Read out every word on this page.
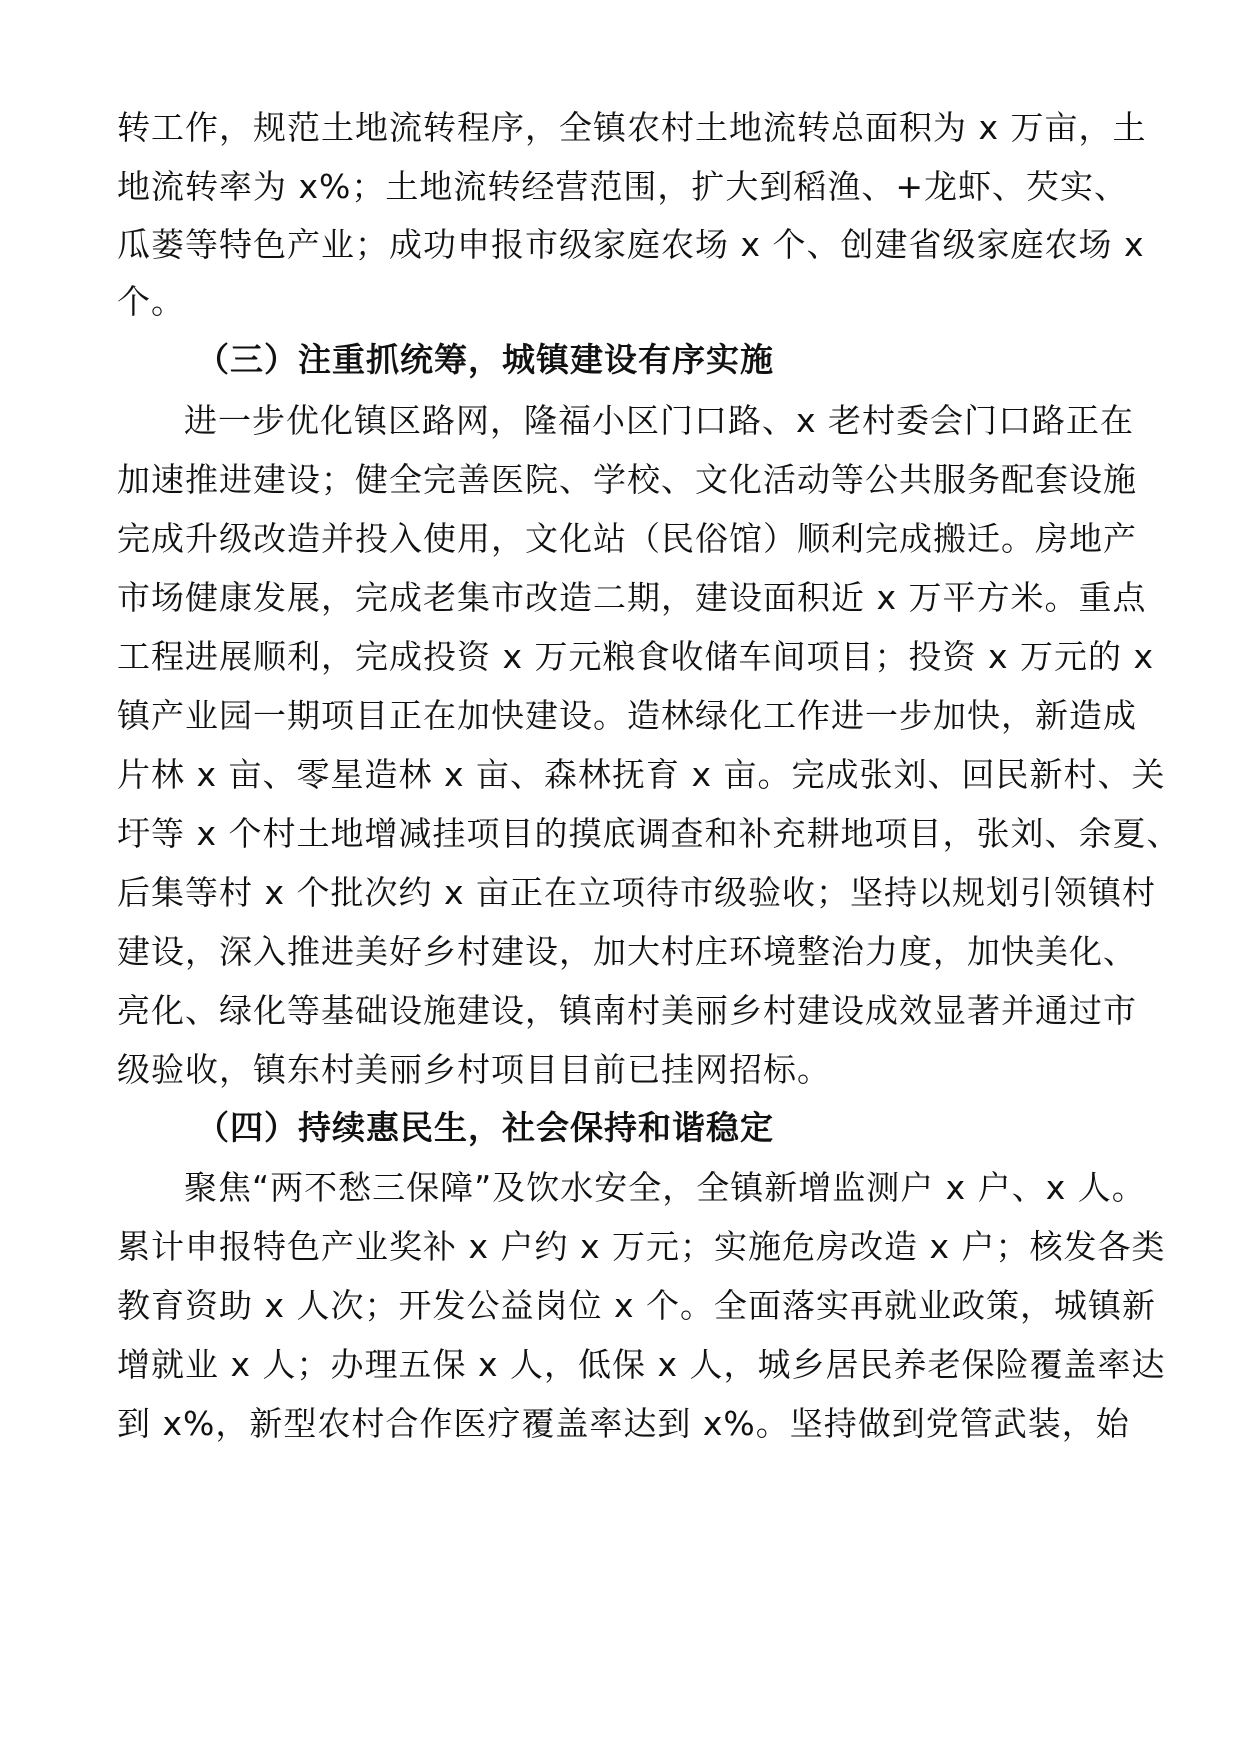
转工作，规范土地流转程序，全镇农村土地流转总面积为 x 万亩，土
地流转率为 x%；土地流转经营范围，扩大到稻渔、+龙虾、芡实、
瓜蒌等特色产业；成功申报市级家庭农场 x 个、创建省级家庭农场 x
个。
（三）注重抓统筹，城镇建设有序实施
进一步优化镇区路网，隆福小区门口路、x 老村委会门口路正在
加速推进建设；健全完善医院、学校、文化活动等公共服务配套设施
完成升级改造并投入使用，文化站（民俗馆）顺利完成搬迁。房地产
市场健康发展，完成老集市改造二期，建设面积近 x 万平方米。重点
工程进展顺利，完成投资 x 万元粮食收储车间项目；投资 x 万元的 x
镇产业园一期项目正在加快建设。造林绿化工作进一步加快，新造成
片林 x 亩、零星造林 x 亩、森林抚育 x 亩。完成张刘、回民新村、关
圩等 x 个村土地增减挂项目的摸底调查和补充耕地项目，张刘、余夏、
后集等村 x 个批次约 x 亩正在立项待市级验收；坚持以规划引领镇村
建设，深入推进美好乡村建设，加大村庄环境整治力度，加快美化、
亮化、绿化等基础设施建设，镇南村美丽乡村建设成效显著并通过市
级验收，镇东村美丽乡村项目目前已挂网招标。
（四）持续惠民生，社会保持和谐稳定
聚焦“两不愁三保障”及饮水安全，全镇新增监测户 x 户、x 人。
累计申报特色产业奖补 x 户约 x 万元；实施危房改造 x 户；核发各类
教育资助 x 人次；开发公益岗位 x 个。全面落实再就业政策，城镇新
增就业 x 人；办理五保 x 人，低保 x 人，城乡居民养老保险覆盖率达
到 x%，新型农村合作医疗覆盖率达到 x%。坚持做到党管武装，始
